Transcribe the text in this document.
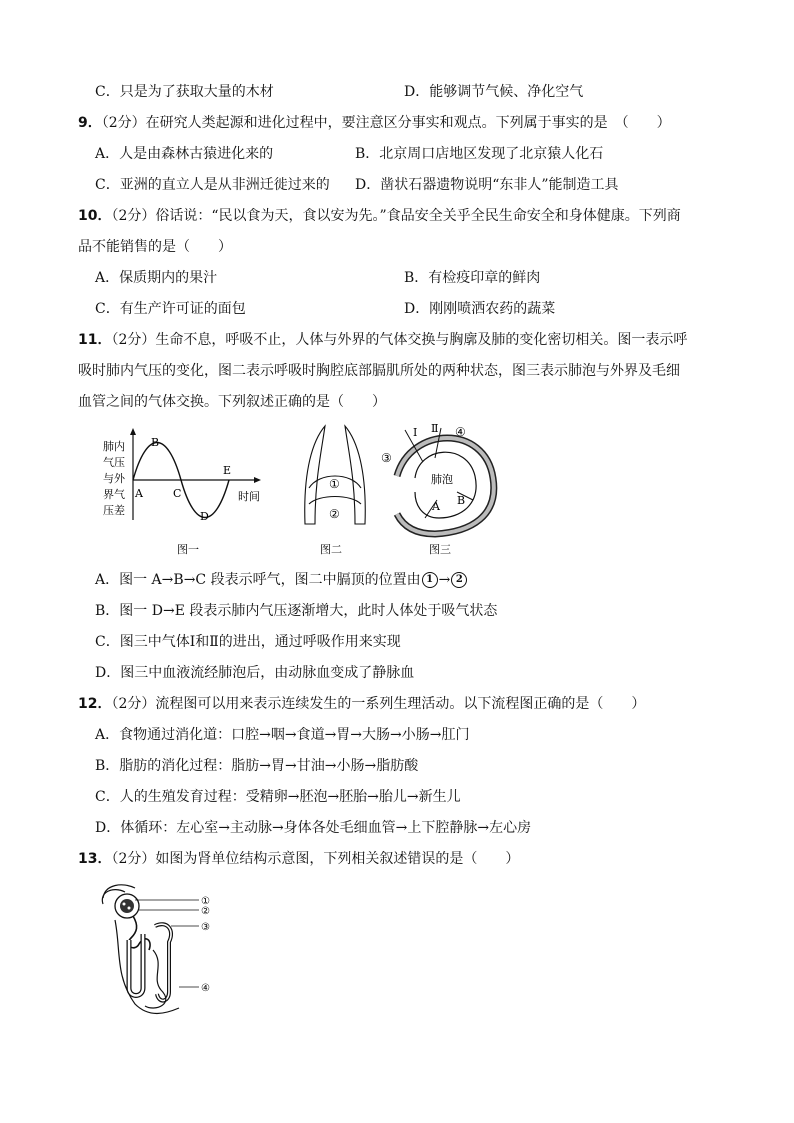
C．只是为了获取大量的木材	D．能够调节气候、净化空气
9．（2分）在研究人类起源和进化过程中，要注意区分事实和观点。下列属于事实的是　（　　）
A．人是由森林古猿进化来的	B．北京周口店地区发现了北京猿人化石
C．亚洲的直立人是从非洲迁徙过来的 D．凿状石器遗物说明“东非人”能制造工具
10．（2分）俗话说：“民以食为天，食以安为先。”食品安全关乎全民生命安全和身体健康。下列商
品不能销售的是（　　）
A．保质期内的果汁	B．有检疫印章的鲜肉
C．有生产许可证的面包	D．刚刚喷洒农药的蔬菜
11．（2分）生命不息，呼吸不止，人体与外界的气体交换与胸廓及肺的变化密切相关。图一表示呼
吸时肺内气压的变化，图二表示呼吸时胸腔底部膈肌所处的两种状态，图三表示肺泡与外界及毛细
血管之间的气体交换。下列叙述正确的是（　　）
肺内
气压
与外
界气
压差
A
B
C
D
E
时间
图一
①
②
图二
Ⅰ Ⅱ
③
④
肺泡
A B
图三
A．图一 A→B→C 段表示呼气，图二中膈顶的位置由 1 → 2
B．图一 D→E 段表示肺内气压逐渐增大，此时人体处于吸气状态
C．图三中气体Ⅰ和Ⅱ的进出，通过呼吸作用来实现
D．图三中血液流经肺泡后，由动脉血变成了静脉血
12．（2分）流程图可以用来表示连续发生的一系列生理活动。以下流程图正确的是（　　）
A．食物通过消化道：口腔→咽→食道→胃→大肠→小肠→肛门
B．脂肪的消化过程：脂肪→胃→甘油→小肠→脂肪酸
C．人的生殖发育过程：受精卵→胚泡→胚胎→胎儿→新生儿
D．体循环：左心室→主动脉→身体各处毛细血管→上下腔静脉→左心房
13．（2分）如图为肾单位结构示意图，下列相关叙述错误的是（　　）
①
②
③
④
